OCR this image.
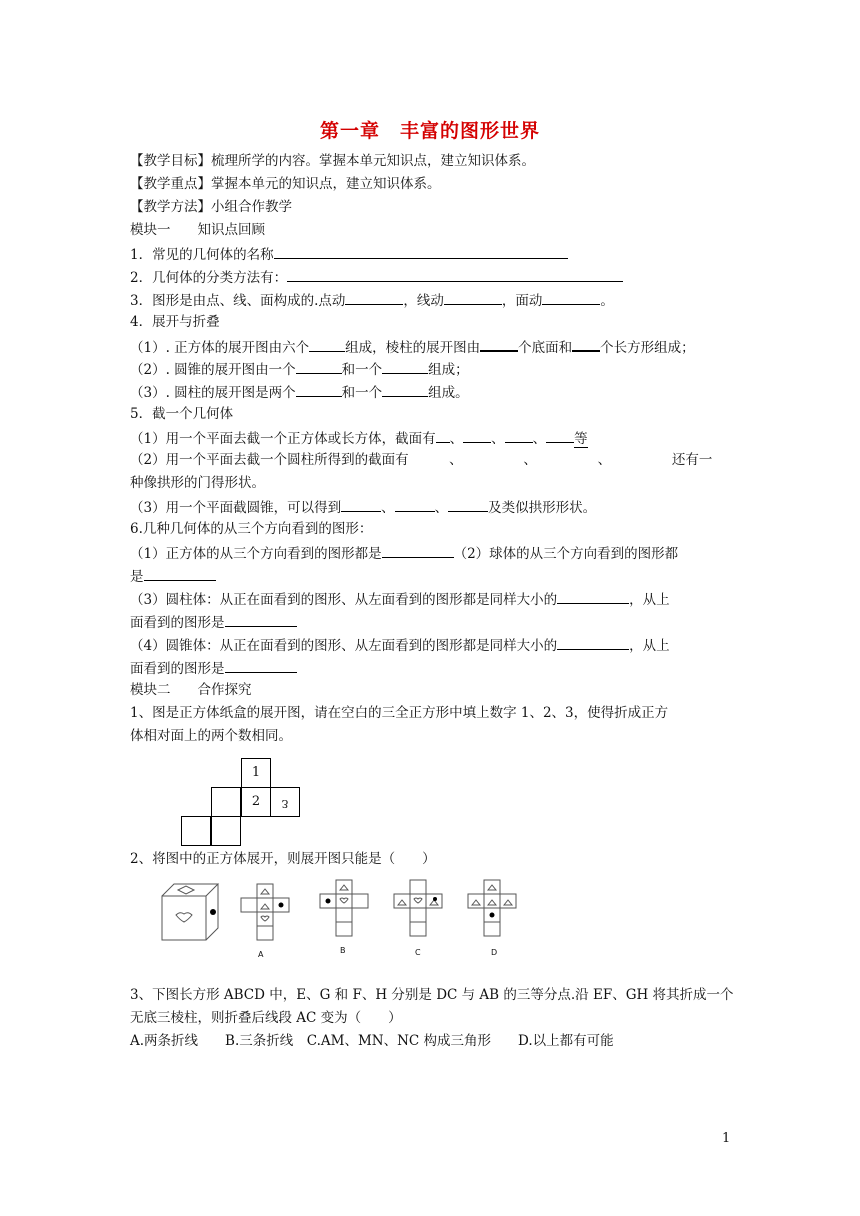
第一章　丰富的图形世界
【教学目标】梳理所学的内容。掌握本单元知识点，建立知识体系。
【教学重点】掌握本单元的知识点，建立知识体系。
【教学方法】小组合作教学
模块一　　知识点回顾
1．常见的几何体的名称
2．几何体的分类方法有：
3．图形是由点、线、面构成的.点动	，线动	，面动	。
4．展开与折叠
（1）. 正方体的展开图由六个	组成，棱柱的展开图由	个底面和 个长方形组成；
（2）. 圆锥的展开图由一个	和一个	组成；
（3）. 圆柱的展开图是两个	和一个	组成。
5．截一个几何体
（1）用一个平面去截一个正方体或长方体，截面有 、 、 、 等
（2）用一个平面去截一个圆柱所得到的截面有　　　、　　　　　、　　　　　、　　　　　还有一
种像拱形的门得形状。
（3）用一个平面截圆锥，可以得到	、	、	及类似拱形形状。
6.几种几何体的从三个方向看到的图形：
（1）正方体的从三个方向看到的图形都是	（2）球体的从三个方向看到的图形都
是
（3）圆柱体：从正在面看到的图形、从左面看到的图形都是同样大小的	，从上
面看到的图形是
（4）圆锥体：从正在面看到的图形、从左面看到的图形都是同样大小的	，从上
面看到的图形是
模块二　　合作探究
1、图是正方体纸盒的展开图，请在空白的三全正方形中填上数字 1、2、3，使得折成正方
体相对面上的两个数相同。
1
2	3
2、将图中的正方体展开，则展开图只能是（　　）
A	B	C	D
3、下图长方形 ABCD 中，E、G 和 F、H 分别是 DC 与 AB 的三等分点.沿 EF、GH 将其折成一个
无底三棱柱，则折叠后线段 AC 变为（　　）
A.两条折线　　B.三条折线　C.AM、MN、NC 构成三角形　　D.以上都有可能
1
